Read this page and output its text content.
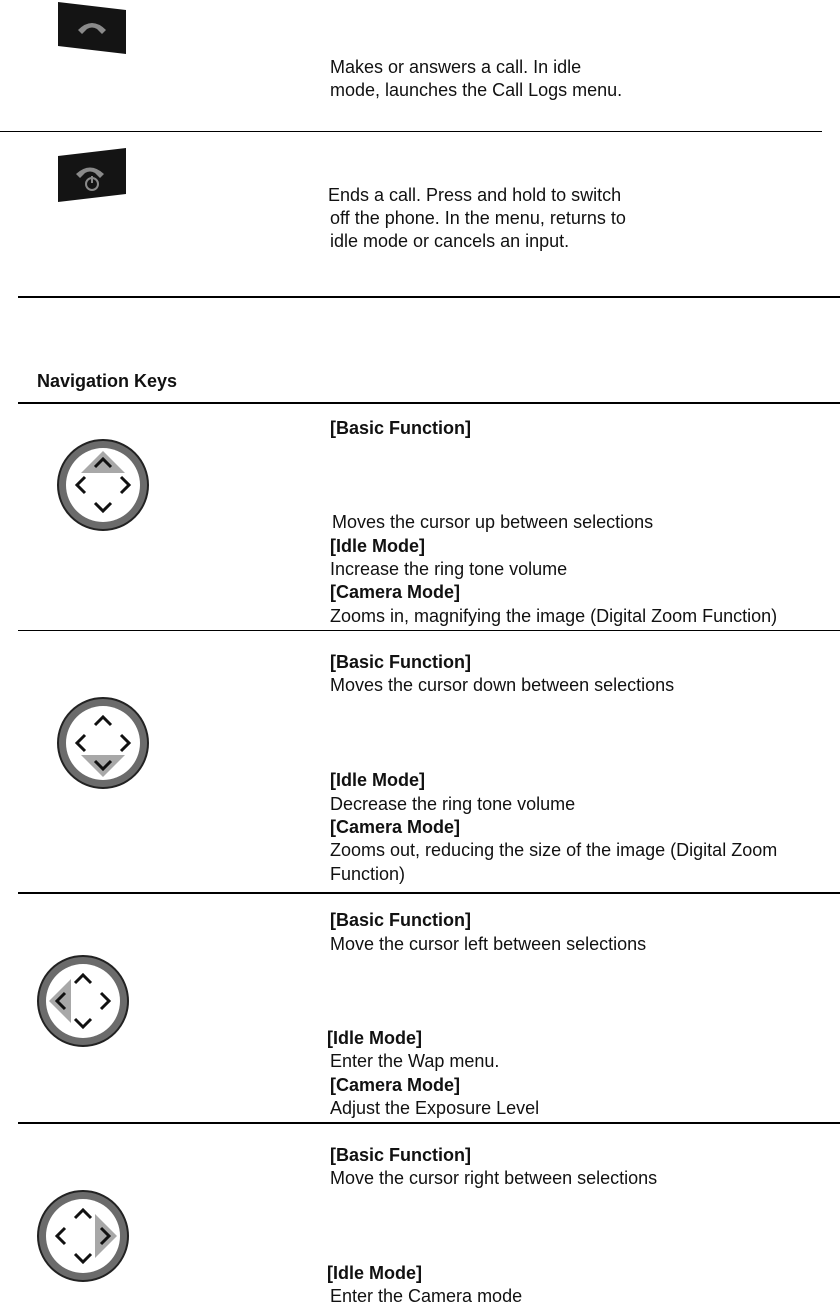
Makes or answers a call. In idle
mode, launches the Call Logs menu.
Ends a call. Press and hold to switch
off the phone. In the menu, returns to
idle mode or cancels an input.
Navigation Keys
[Basic Function]
Moves the cursor up between selections
[Idle Mode]
Increase the ring tone volume
[Camera Mode]
Zooms in, magnifying the image (Digital Zoom Function)
[Basic Function]
Moves the cursor down between selections
[Idle Mode]
Decrease the ring tone volume
[Camera Mode]
Zooms out, reducing the size of the image (Digital Zoom
Function)
[Basic Function]
Move the cursor left between selections
[Idle Mode]
Enter the Wap menu.
[Camera Mode]
Adjust the Exposure Level
[Basic Function]
Move the cursor right between selections
[Idle Mode]
Enter the Camera mode
